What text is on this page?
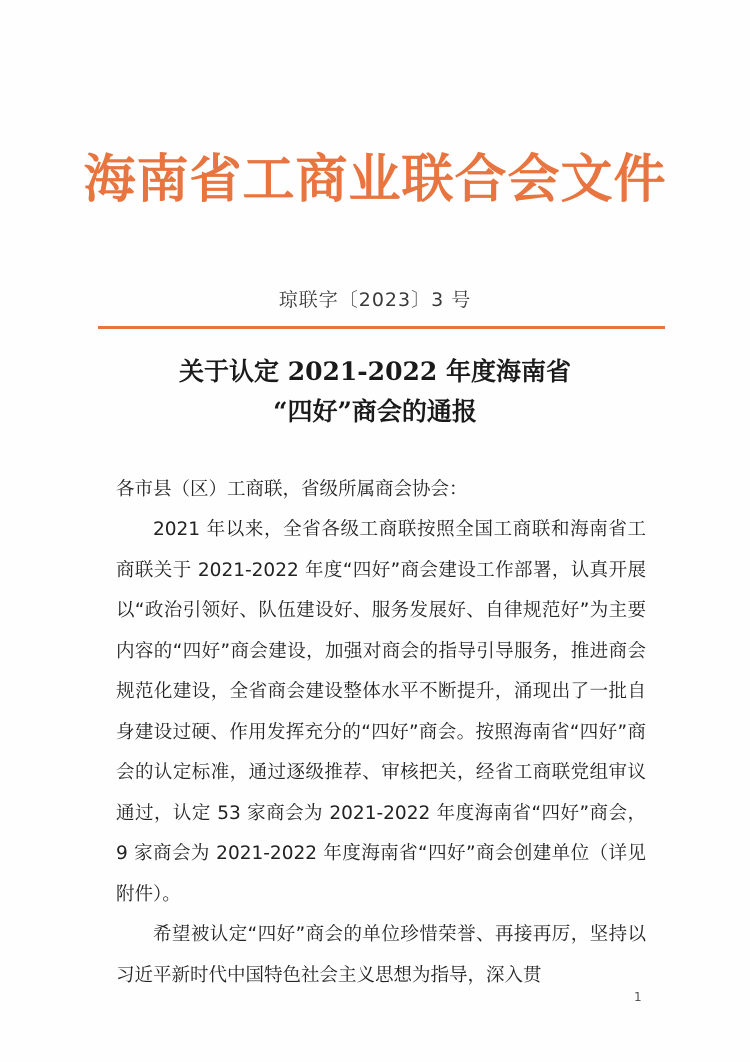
海南省工商业联合会文件
琼联字〔2023〕3 号
关于认定 2021-2022 年度海南省
“四好”商会的通报
各市县（区）工商联，省级所属商会协会：

2021 年以来，全省各级工商联按照全国工商联和海南省工商联关于 2021-2022 年度“四好”商会建设工作部署，认真开展以“政治引领好、队伍建设好、服务发展好、自律规范好”为主要内容的“四好”商会建设，加强对商会的指导引导服务，推进商会规范化建设，全省商会建设整体水平不断提升，涌现出了一批自身建设过硬、作用发挥充分的“四好”商会。按照海南省“四好”商会的认定标准，通过逐级推荐、审核把关，经省工商联党组审议通过，认定 53 家商会为 2021-2022 年度海南省“四好”商会，9 家商会为 2021-2022 年度海南省“四好”商会创建单位（详见附件）。

希望被认定“四好”商会的单位珍惜荣誉、再接再厉，坚持以习近平新时代中国特色社会主义思想为指导，深入贯

1
